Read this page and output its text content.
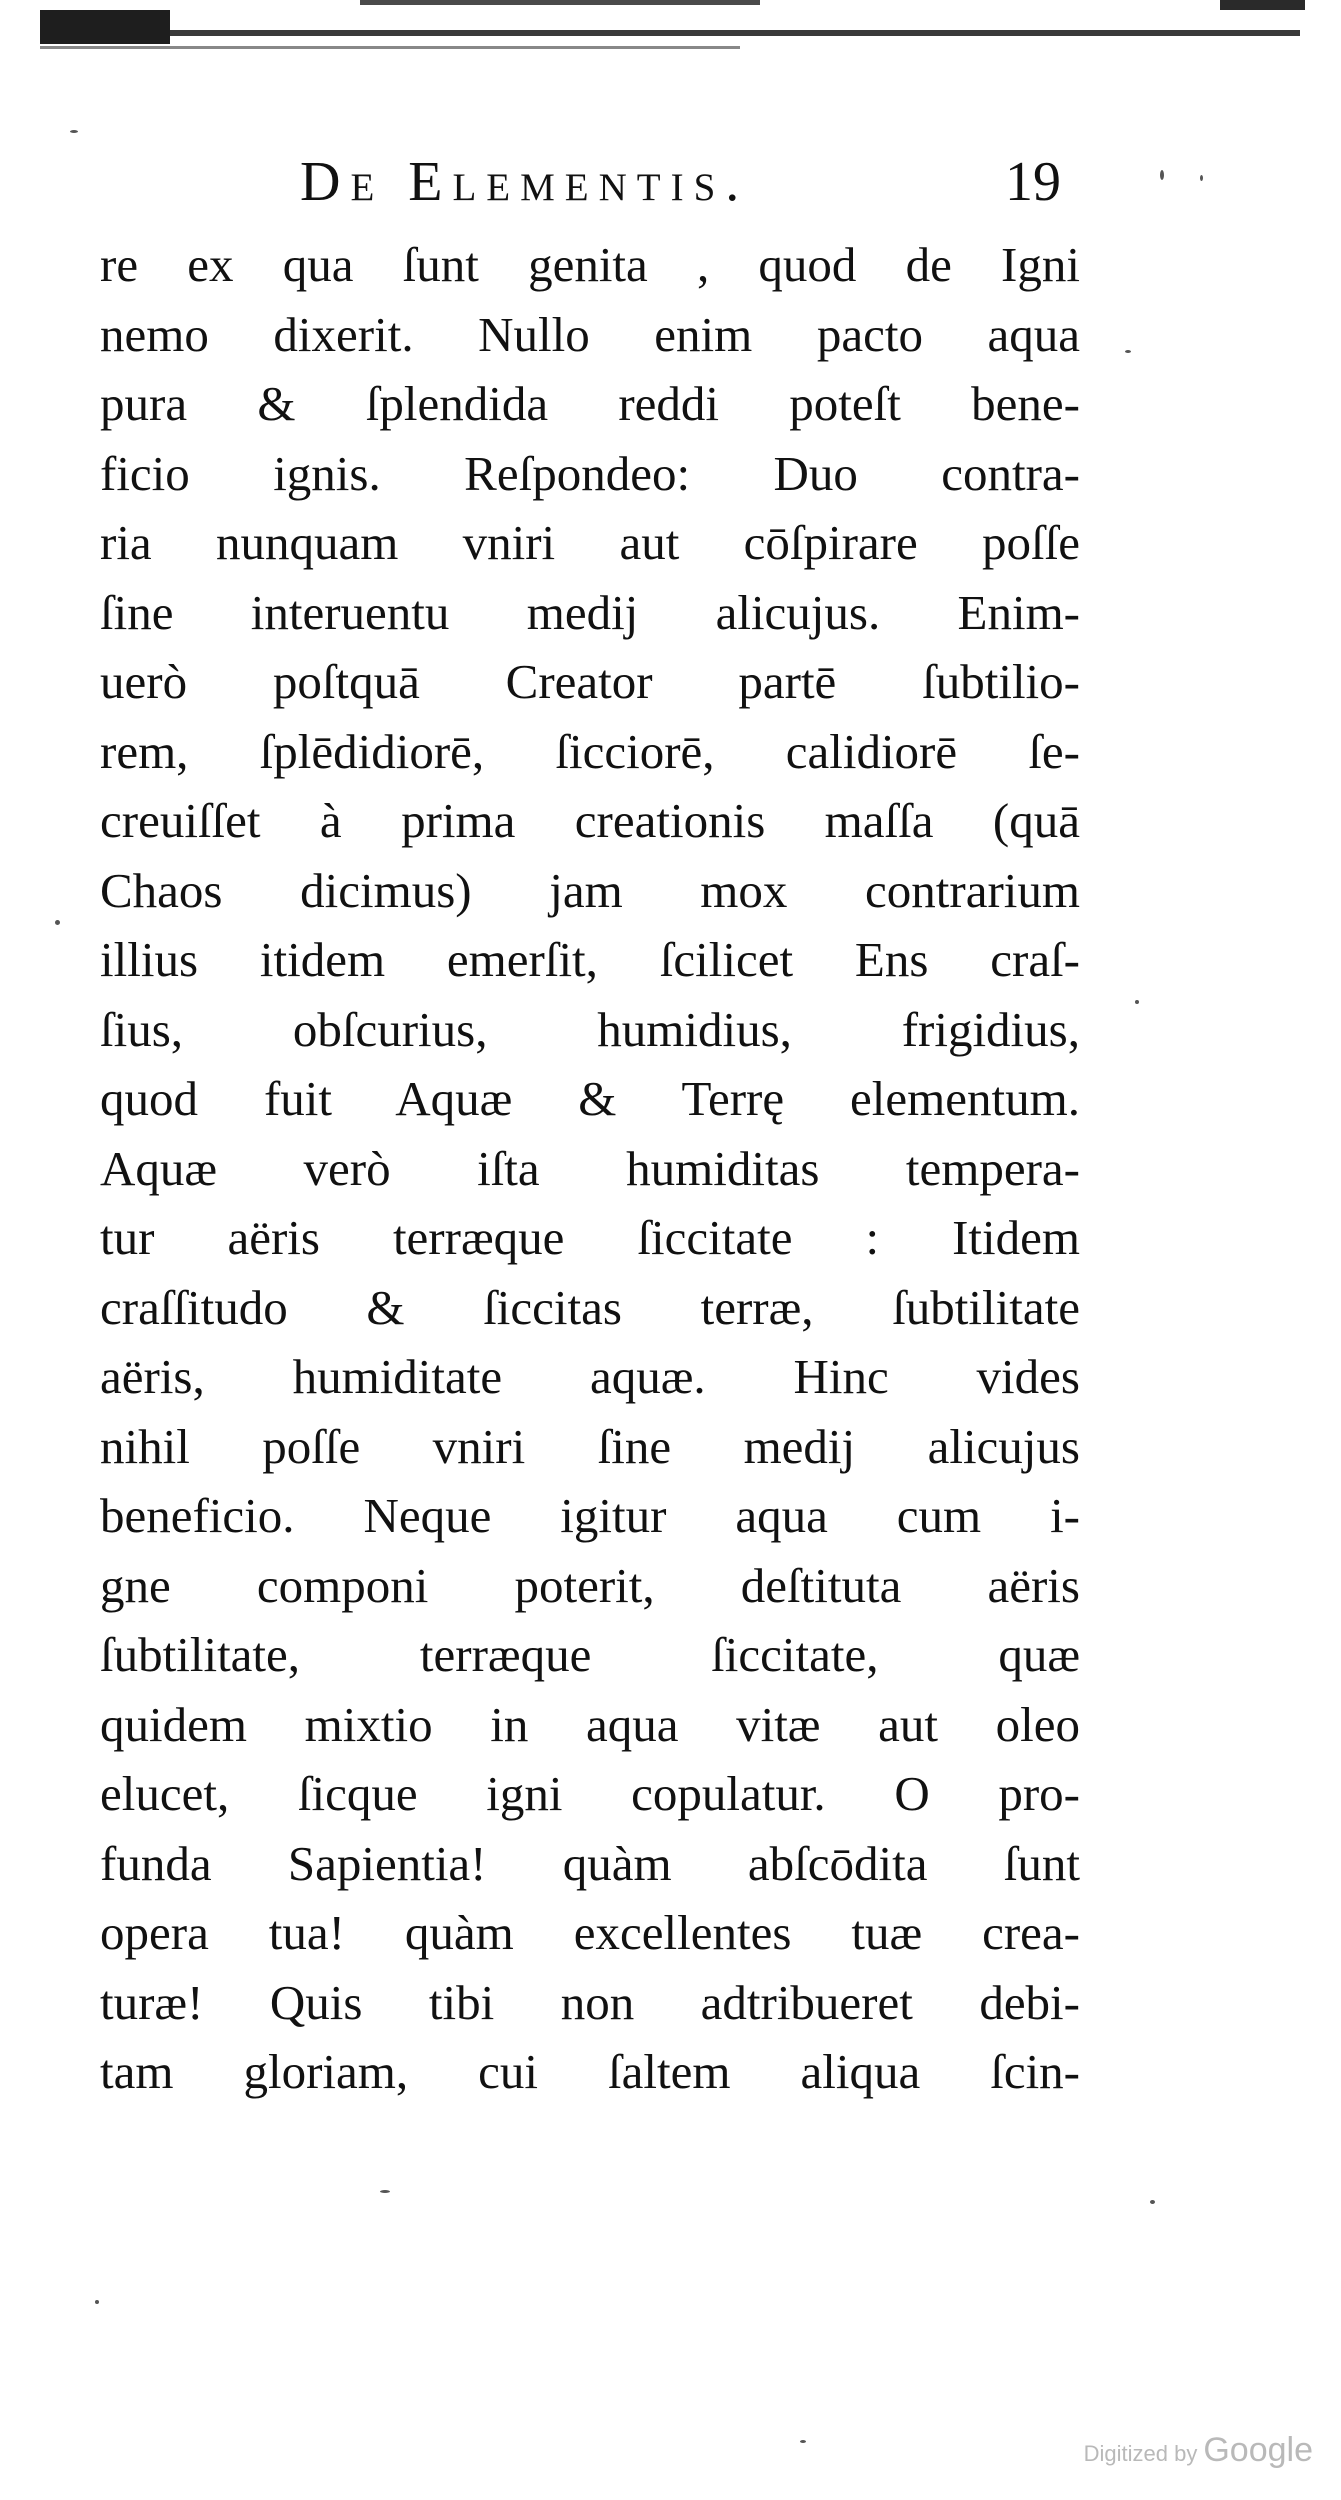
De Elementis.	19
re ex qua ſunt genita , quod de Igni
nemo dixerit. Nullo enim pacto aqua
pura & ſplendida reddi poteſt bene-
ficio ignis. Reſpondeo: Duo contra-
ria nunquam vniri aut cōſpirare poſſe
ſine interuentu medij alicujus. Enim-
uerò poſtquā Creator partē ſubtilio-
rem, ſplēdidiorē, ſicciorē, calidiorē ſe-
creuiſſet à prima creationis maſſa (quā
Chaos dicimus) jam mox contrarium
illius itidem emerſit, ſcilicet Ens craſ-
ſius, obſcurius, humidius, frigidius,
quod fuit Aquæ & Terrę elementum.
Aquæ verò iſta humiditas tempera-
tur aëris terræque ſiccitate : Itidem
craſſitudo & ſiccitas terræ, ſubtilitate
aëris, humiditate aquæ. Hinc vides
nihil poſſe vniri ſine medij alicujus
beneficio. Neque igitur aqua cum i-
gne componi poterit, deſtituta aëris
ſubtilitate, terræque ſiccitate, quæ
quidem mixtio in aqua vitæ aut oleo
elucet, ſicque igni copulatur. O pro-
funda Sapientia! quàm abſcōdita ſunt
opera tua! quàm excellentes tuæ crea-
turæ! Quis tibi non adtribueret debi-
tam gloriam, cui ſaltem aliqua ſcin-
Digitized by Google
